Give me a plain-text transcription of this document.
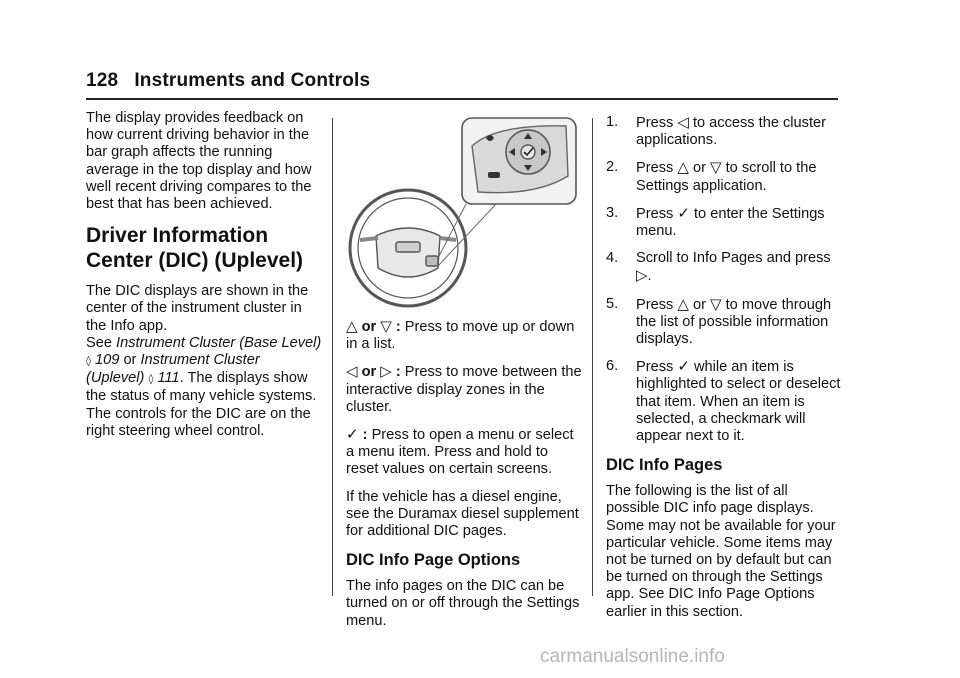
128 Instruments and Controls

The display provides feedback on how current driving behavior in the bar graph affects the running average in the top display and how well recent driving compares to the best that has been achieved.

Driver Information Center (DIC) (Uplevel)

The DIC displays are shown in the center of the instrument cluster in the Info app.

See Instrument Cluster (Base Level) ◊ 109 or Instrument Cluster (Uplevel) ◊ 111. The displays show the status of many vehicle systems. The controls for the DIC are on the right steering wheel control.

△ or ▽ : Press to move up or down in a list.

◁ or ▷ : Press to move between the interactive display zones in the cluster.

✓ : Press to open a menu or select a menu item. Press and hold to reset values on certain screens.

If the vehicle has a diesel engine, see the Duramax diesel supplement for additional DIC pages.

DIC Info Page Options

The info pages on the DIC can be turned on or off through the Settings menu.

1. Press ◁ to access the cluster applications.
2. Press △ or ▽ to scroll to the Settings application.
3. Press ✓ to enter the Settings menu.
4. Scroll to Info Pages and press ▷.
5. Press △ or ▽ to move through the list of possible information displays.
6. Press ✓ while an item is highlighted to select or deselect that item. When an item is selected, a checkmark will appear next to it.
DIC Info Pages

The following is the list of all possible DIC info page displays. Some may not be available for your particular vehicle. Some items may not be turned on by default but can be turned on through the Settings app. See DIC Info Page Options earlier in this section.

carmanualsonline.info
